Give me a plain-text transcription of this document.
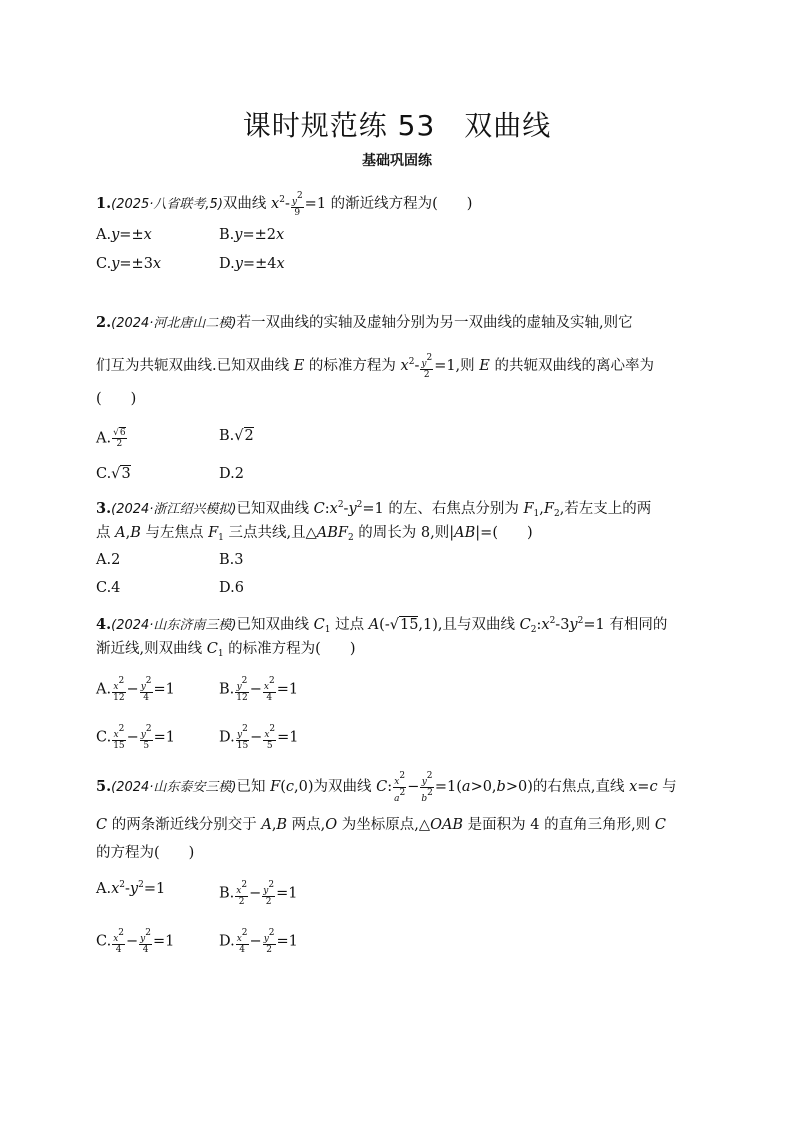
课时规范练 53　双曲线
基础巩固练
1.(2025·八省联考,5)双曲线 $x^2- \frac{y^2}{9} =1$ 的渐近线方程为(　　)
A.y=±x	B.y=±2x
C.y=±3x	D.y=±4x
2.(2024·河北唐山二模)若一双曲线的实轴及虚轴分别为另一双曲线的虚轴及实轴,则它
们互为共轭双曲线.已知双曲线 E 的标准方程为 $x^2- \frac{y^2}{2} =1$,则 E 的共轭双曲线的离心率为
(　　)
A. $\frac{√6}{2}$	B.√2
C.√3	D.2
3.(2024·浙江绍兴模拟)已知双曲线 $C:x^2-y^2=1$ 的左、右焦点分别为 $F_1,F_2$,若左支上的两
点 A,B 与左焦点 $F_1$ 三点共线,且$\triangle ABF_2$ 的周长为 8,则|AB|=(　　)
A.2	B.3
C.4	D.6
4.(2024·山东济南三模)已知双曲线 $C_1$ 过点 A(-√15,1),且与双曲线 $C_2:x^2-3y^2=1$ 有相同的
渐近线,则双曲线 $C_1$ 的标准方程为(　　)
A. $\frac{x^2}{12} - \frac{y^2}{4} =1$	B. $\frac{y^2}{12} - \frac{x^2}{4} =1$
C. $\frac{x^2}{15} - \frac{y^2}{5} =1$	D. $\frac{y^2}{15} - \frac{x^2}{5} =1$
5.(2024·山东泰安三模)已知 F(c,0)为双曲线 C: $\frac{x^2}{a^2} - \frac{y^2}{b^2} =1(a>0,b>0)$的右焦点,直线 x=c 与
C 的两条渐近线分别交于 A,B 两点,O 为坐标原点,△OAB 是面积为 4 的直角三角形,则 C
的方程为(　　)
$A.x^2-y^2=1$	B. $\frac{x^2}{2} - \frac{y^2}{2} =1$
C. $\frac{x^2}{4} - \frac{y^2}{4} =1$	D. $\frac{x^2}{4} - \frac{y^2}{2} =1$
